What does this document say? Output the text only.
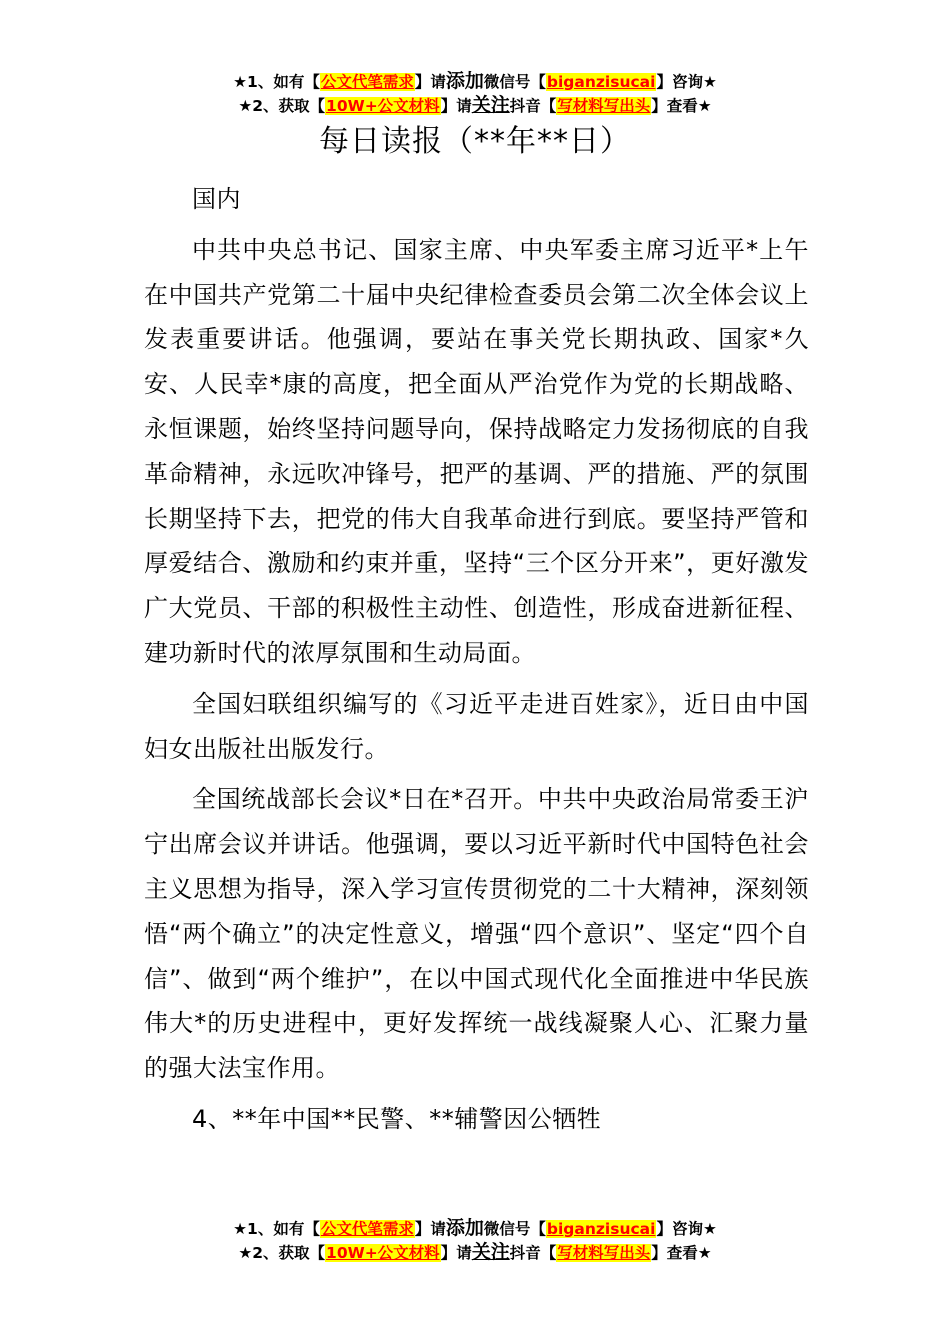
★1、如有【公文代笔需求】请添加微信号【biganzisucai】咨询★
★2、获取【10W+公文材料】请关注抖音【写材料写出头】查看★
每日读报（**年**日）

国内

中共中央总书记、国家主席、中央军委主席习近平*上午在中国共产党第二十届中央纪律检查委员会第二次全体会议上发表重要讲话。他强调，要站在事关党长期执政、国家*久安、人民幸*康的高度，把全面从严治党作为党的长期战略、永恒课题，始终坚持问题导向，保持战略定力发扬彻底的自我革命精神，永远吹冲锋号，把严的基调、严的措施、严的氛围长期坚持下去，把党的伟大自我革命进行到底。要坚持严管和厚爱结合、激励和约束并重，坚持“三个区分开来”，更好激发广大党员、干部的积极性主动性、创造性，形成奋进新征程、建功新时代的浓厚氛围和生动局面。

全国妇联组织编写的《习近平走进百姓家》，近日由中国妇女出版社出版发行。

全国统战部长会议*日在*召开。中共中央政治局常委王沪宁出席会议并讲话。他强调，要以习近平新时代中国特色社会主义思想为指导，深入学习宣传贯彻党的二十大精神，深刻领悟“两个确立”的决定性意义，增强“四个意识”、坚定“四个自信”、做到“两个维护”，在以中国式现代化全面推进中华民族伟大*的历史进程中，更好发挥统一战线凝聚人心、汇聚力量的强大法宝作用。

4、**年中国**民警、**辅警因公牺牲

★1、如有【公文代笔需求】请添加微信号【biganzisucai】咨询★
★2、获取【10W+公文材料】请关注抖音【写材料写出头】查看★
